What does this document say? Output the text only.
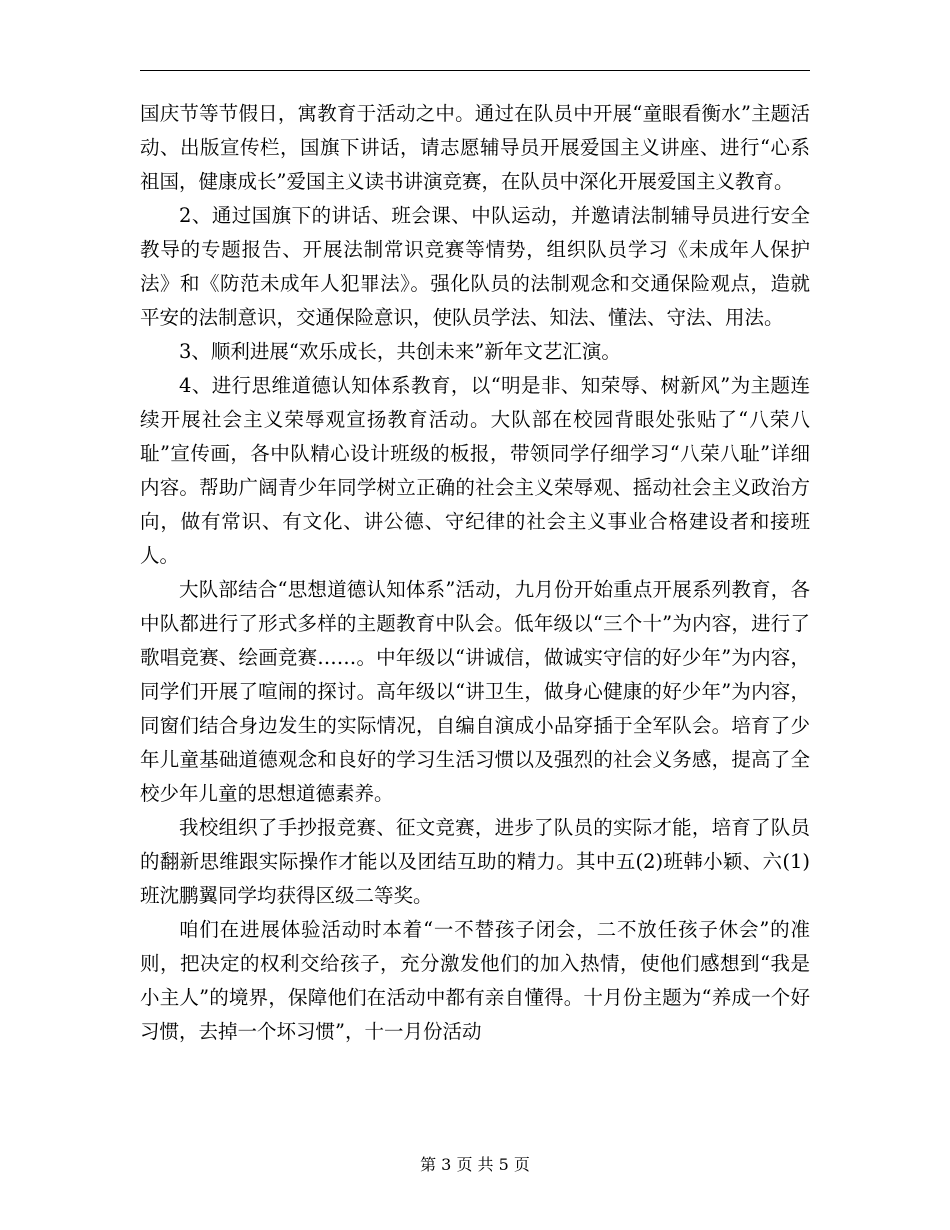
国庆节等节假日，寓教育于活动之中。通过在队员中开展“童眼看衡水”主题活动、出版宣传栏，国旗下讲话，请志愿辅导员开展爱国主义讲座、进行“心系祖国，健康成长”爱国主义读书讲演竞赛，在队员中深化开展爱国主义教育。

2、通过国旗下的讲话、班会课、中队运动，并邀请法制辅导员进行安全教导的专题报告、开展法制常识竞赛等情势，组织队员学习《未成年人保护法》和《防范未成年人犯罪法》。强化队员的法制观念和交通保险观点，造就平安的法制意识，交通保险意识，使队员学法、知法、懂法、守法、用法。

3、顺利进展“欢乐成长，共创未来”新年文艺汇演。

4、进行思维道德认知体系教育，以“明是非、知荣辱、树新风”为主题连续开展社会主义荣辱观宣扬教育活动。大队部在校园背眼处张贴了“八荣八耻”宣传画，各中队精心设计班级的板报，带领同学仔细学习“八荣八耻”详细内容。帮助广阔青少年同学树立正确的社会主义荣辱观、摇动社会主义政治方向，做有常识、有文化、讲公德、守纪律的社会主义事业合格建设者和接班人。

大队部结合“思想道德认知体系”活动，九月份开始重点开展系列教育，各中队都进行了形式多样的主题教育中队会。低年级以“三个十”为内容，进行了歌唱竞赛、绘画竞赛……。中年级以“讲诚信，做诚实守信的好少年”为内容，同学们开展了喧闹的探讨。高年级以“讲卫生，做身心健康的好少年”为内容，同窗们结合身边发生的实际情况，自编自演成小品穿插于全军队会。培育了少年儿童基础道德观念和良好的学习生活习惯以及强烈的社会义务感，提高了全校少年儿童的思想道德素养。

我校组织了手抄报竞赛、征文竞赛，进步了队员的实际才能，培育了队员的翻新思维跟实际操作才能以及团结互助的精力。其中五(2)班韩小颖、六(1)班沈鹏翼同学均获得区级二等奖。

咱们在进展体验活动时本着“一不替孩子闭会，二不放任孩子休会”的准则，把决定的权利交给孩子，充分激发他们的加入热情，使他们感想到“我是小主人”的境界，保障他们在活动中都有亲自懂得。十月份主题为“养成一个好习惯，去掉一个坏习惯”，十一月份活动

第 3 页 共 5 页
